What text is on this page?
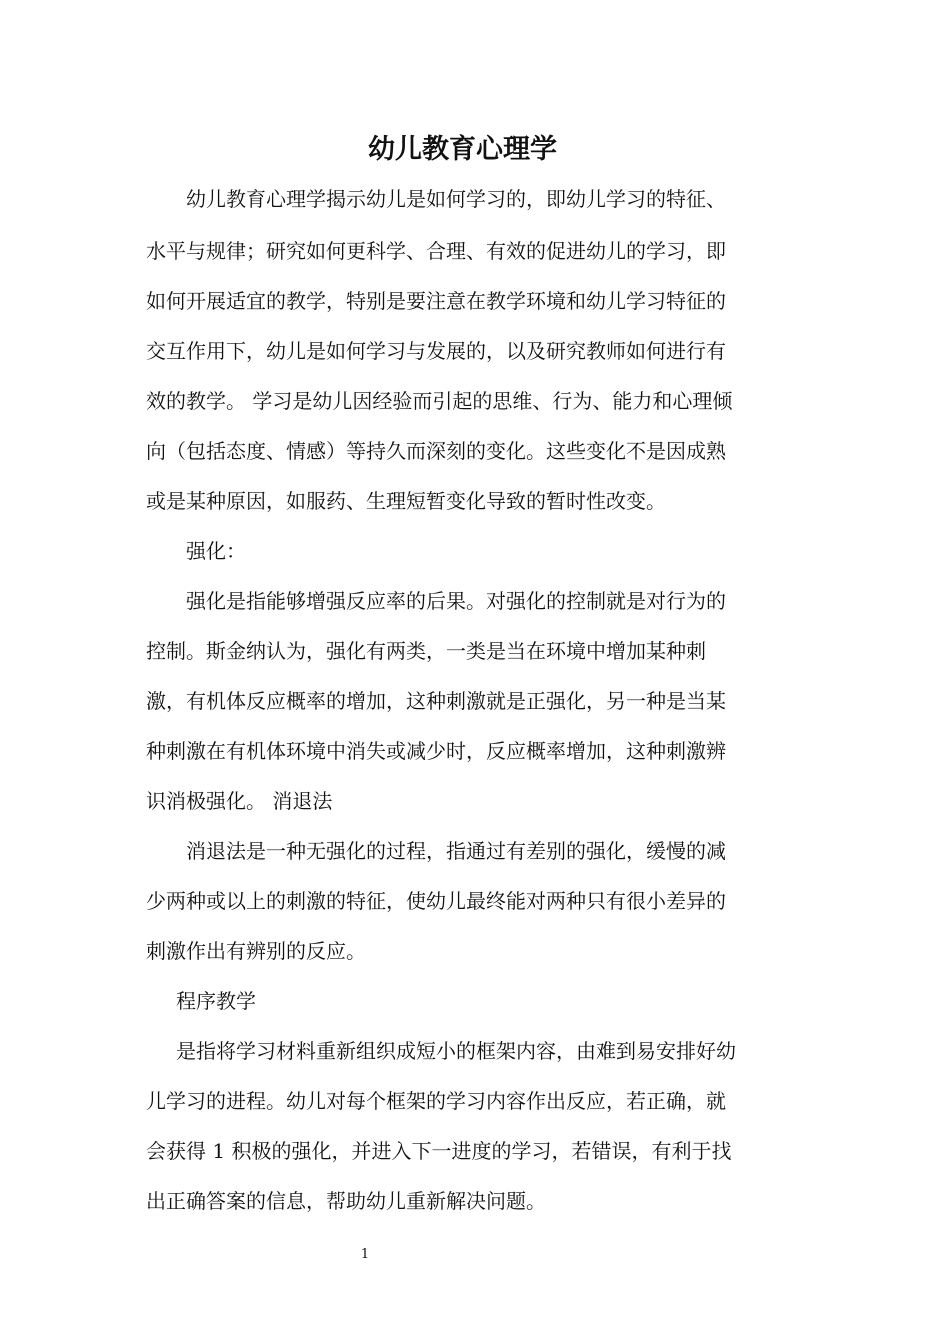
幼儿教育心理学
幼儿教育心理学揭示幼儿是如何学习的，即幼儿学习的特征、
水平与规律；研究如何更科学、合理、有效的促进幼儿的学习，即
如何开展适宜的教学，特别是要注意在教学环境和幼儿学习特征的
交互作用下，幼儿是如何学习与发展的，以及研究教师如何进行有
效的教学。 学习是幼儿因经验而引起的思维、行为、能力和心理倾
向（包括态度、情感）等持久而深刻的变化。这些变化不是因成熟
或是某种原因，如服药、生理短暂变化导致的暂时性改变。
强化：
强化是指能够增强反应率的后果。对强化的控制就是对行为的
控制。斯金纳认为，强化有两类，一类是当在环境中增加某种刺
激，有机体反应概率的增加，这种刺激就是正强化，另一种是当某
种刺激在有机体环境中消失或减少时，反应概率增加，这种刺激辨
识消极强化。 消退法
消退法是一种无强化的过程，指通过有差别的强化，缓慢的减
少两种或以上的刺激的特征，使幼儿最终能对两种只有很小差异的
刺激作出有辨别的反应。
程序教学
是指将学习材料重新组织成短小的框架内容，由难到易安排好幼
儿学习的进程。幼儿对每个框架的学习内容作出反应，若正确，就
会获得 1 积极的强化，并进入下一进度的学习，若错误，有利于找
出正确答案的信息，帮助幼儿重新解决问题。
1
